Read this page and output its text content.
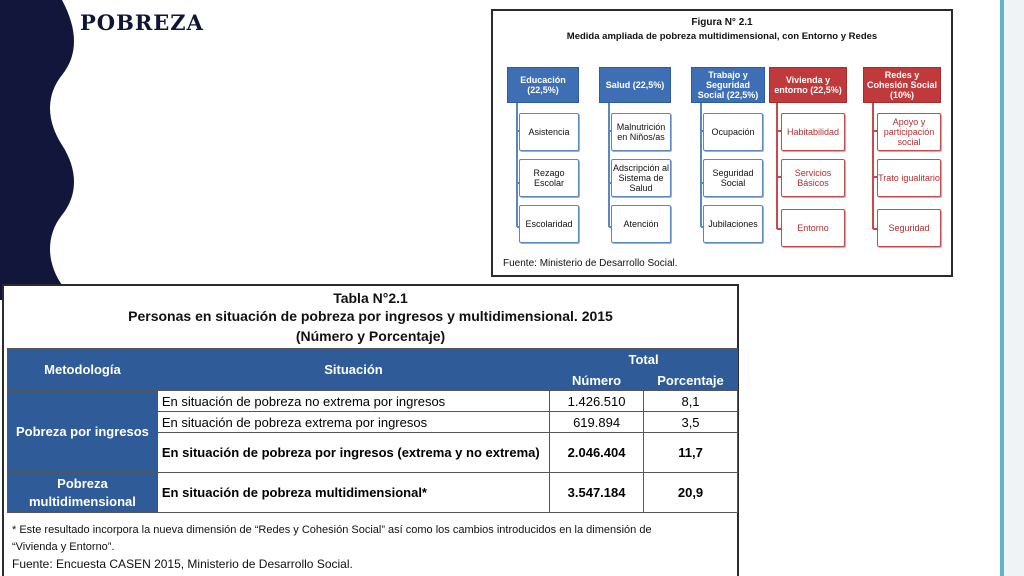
POBREZA	Figura N° 2.1
Medida ampliada de pobreza multidimensional, con Entorno y Redes
Educación (22,5%)	Salud (22,5%)
Trabajo y Seguridad Social (22,5%)
Vivienda y entorno (22,5%)
Redes y Cohesión Social (10%)
Asistencia
Rezago Escolar
Escolaridad
Malnutrición en Niños/as
Adscripción al Sistema de Salud
Atención
Ocupación
Seguridad Social
Jubilaciones
Habitabilidad
Servicios Básicos
Entorno
Apoyo y participación social
Trato igualitario
Seguridad
Fuente: Ministerio de Desarrollo Social.
Tabla N°2.1
Personas en situación de pobreza por ingresos y multidimensional. 2015
(Número y Porcentaje)
Metodología	Situación	Total	
		Número	Porcentaje
Pobreza por ingresos	En situación de pobreza no extrema por ingresos	1.426.510	8,1
	En situación de pobreza extrema por ingresos	619.894	3,5
	En situación de pobreza por ingresos (extrema y no extrema)	2.046.404	11,7
Pobreza multidimensional	En situación de pobreza multidimensional*	3.547.184	20,9
* Este resultado incorpora la nueva dimensión de “Redes y Cohesión Social” así como los cambios introducidos en la dimensión de
“Vivienda y Entorno”.
Fuente: Encuesta CASEN 2015, Ministerio de Desarrollo Social.
